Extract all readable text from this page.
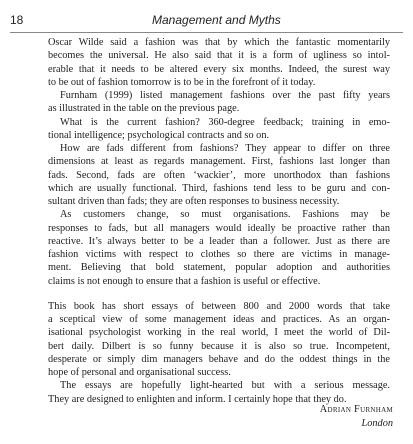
18	Management and Myths

Oscar Wilde said a fashion was that by which the fantastic momentarily
becomes the universal. He also said that it is a form of ugliness so intol-
erable that it needs to be altered every six months. Indeed, the surest way
to be out of fashion tomorrow is to be in the forefront of it today.

Furnham (1999) listed management fashions over the past fifty years
as illustrated in the table on the previous page.

What is the current fashion? 360-degree feedback; training in emo-
tional intelligence; psychological contracts and so on.

How are fads different from fashions? They appear to differ on three
dimensions at least as regards management. First, fashions last longer than
fads. Second, fads are often ‘wackier’, more unorthodox than fashions
which are usually functional. Third, fashions tend less to be guru and con-
sultant driven than fads; they are often responses to business necessity.

As customers change, so must organisations. Fashions may be
responses to fads, but all managers would ideally be proactive rather than
reactive. It’s always better to be a leader than a follower. Just as there are
fashion victims with respect to clothes so there are victims in manage-
ment. Believing that bold statement, popular adoption and authorities
claims is not enough to ensure that a fashion is useful or effective.

This book has short essays of between 800 and 2000 words that take
a sceptical view of some management ideas and practices. As an organ-
isational psychologist working in the real world, I meet the world of Dil-
bert daily. Dilbert is so funny because it is also so true. Incompetent,
desperate or simply dim managers behave and do the oddest things in the
hope of personal and organisational success.

The essays are hopefully light-hearted but with a serious message.
They are designed to enlighten and inform. I certainly hope that they do.

Adrian Furnham
London
